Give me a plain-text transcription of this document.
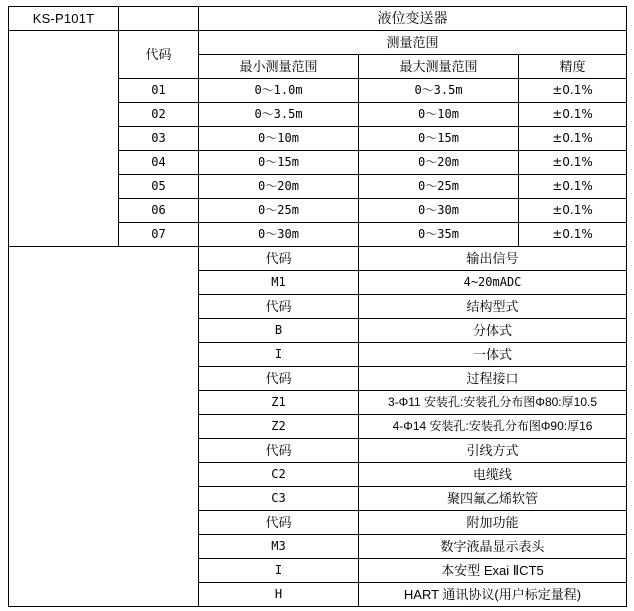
KS-P101T		液位变送器		
	代码	测量范围		
		最小测量范围	最大测量范围	精度
	01	0～1.0m	0～3.5m	±0.1%
	02	0～3.5m	0～10m	±0.1%
	03	0～10m	0～15m	±0.1%
	04	0～15m	0～20m	±0.1%
	05	0～20m	0～25m	±0.1%
	06	0～25m	0～30m	±0.1%
	07	0～30m	0～35m	±0.1%
		代码	输出信号	
		M1	4~20mADC	
		代码	结构型式	
		B	分体式	
		I	一体式	
		代码	过程接口	
		Z1	3-Φ11 安装孔:安装孔分布图Φ80:厚10.5	
		Z2	4-Φ14 安装孔:安装孔分布图Φ90:厚16	
		代码	引线方式	
		C2	电缆线	
		C3	聚四氟乙烯软管	
		代码	附加功能	
		M3	数字液晶显示表头	
		I	本安型 Exai ⅡCT5	
		H	HART 通讯协议(用户标定量程)	
